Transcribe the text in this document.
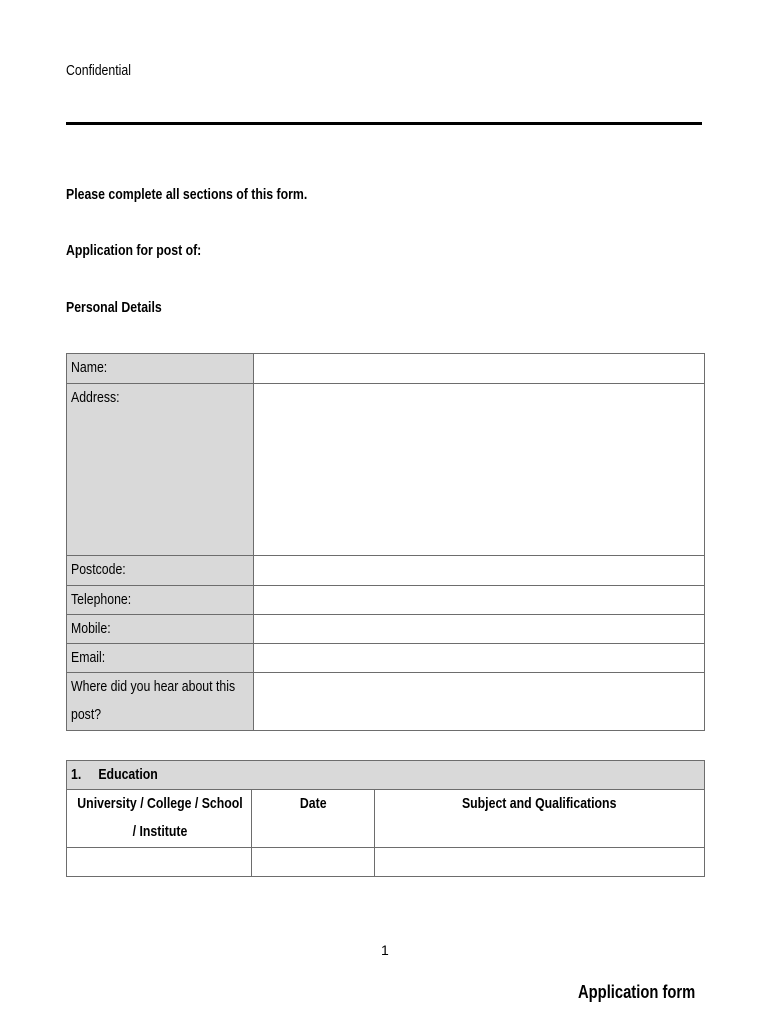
Confidential
Please complete all sections of this form.
Application for post of:
Personal Details
Name:	
Address:	
Postcode:	
Telephone:	
Mobile:	
Email:	

Where did you hear about this post?	

1. Education		
University / College / School / Institute	Date	Subject and Qualifications

1
Application form
